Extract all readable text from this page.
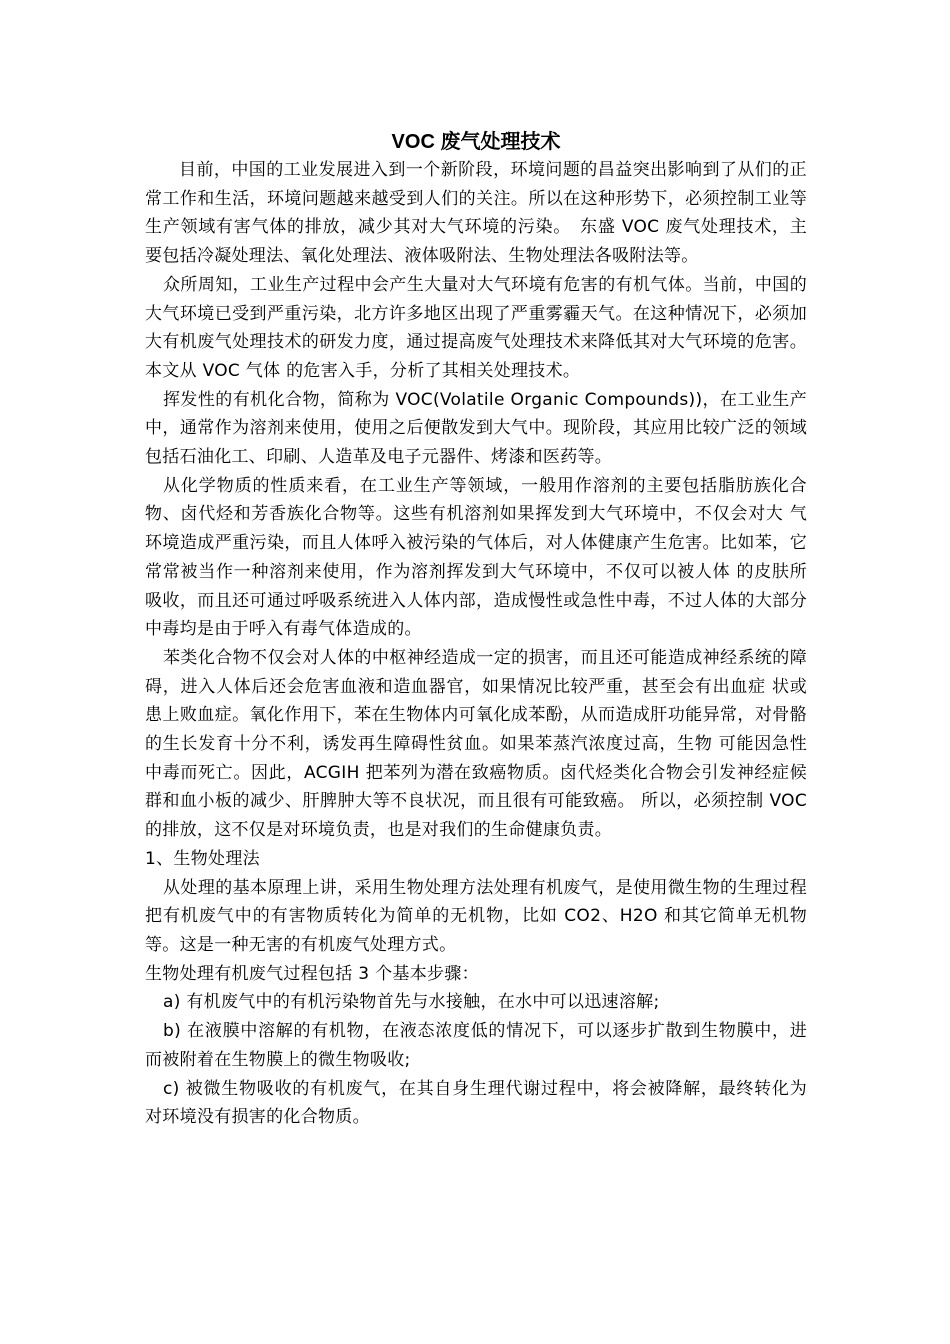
VOC 废气处理技术

目前，中国的工业发展进入到一个新阶段，环境问题的昌益突出影响到了从们的正常工作和生活，环境问题越来越受到人们的关注。所以在这种形势下，必须控制工业等生产领域有害气体的排放，减少其对大气环境的污染。　东盛 VOC 废气处理技术，主要包括冷凝处理法、氧化处理法、液体吸附法、生物处理法各吸附法等。

众所周知，工业生产过程中会产生大量对大气环境有危害的有机气体。当前，中国的大气环境已受到严重污染，北方许多地区出现了严重雾霾天气。在这种情况下，必须加大有机废气处理技术的研发力度，通过提高废气处理技术来降低其对大气环境的危害。本文从 VOC 气体 的危害入手，分析了其相关处理技术。

挥发性的有机化合物，简称为 VOC(Volatile Organic Compounds))，在工业生产中，通常作为溶剂来使用，使用之后便散发到大气中。现阶段，其应用比较广泛的领域包括石油化工、印刷、人造革及电子元器件、烤漆和医药等。

从化学物质的性质来看，在工业生产等领域，一般用作溶剂的主要包括脂肪族化合物、卤代烃和芳香族化合物等。这些有机溶剂如果挥发到大气环境中，不仅会对大 气环境造成严重污染，而且人体呼入被污染的气体后，对人体健康产生危害。比如苯，它常常被当作一种溶剂来使用，作为溶剂挥发到大气环境中，不仅可以被人体 的皮肤所吸收，而且还可通过呼吸系统进入人体内部，造成慢性或急性中毒，不过人体的大部分中毒均是由于呼入有毒气体造成的。

苯类化合物不仅会对人体的中枢神经造成一定的损害，而且还可能造成神经系统的障碍，进入人体后还会危害血液和造血器官，如果情况比较严重，甚至会有出血症 状或患上败血症。氧化作用下，苯在生物体内可氧化成苯酚，从而造成肝功能异常，对骨骼的生长发育十分不利，诱发再生障碍性贫血。如果苯蒸汽浓度过高，生物 可能因急性中毒而死亡。因此，ACGIH 把苯列为潜在致癌物质。卤代烃类化合物会引发神经症候群和血小板的减少、肝脾肿大等不良状况，而且很有可能致癌。 所以，必须控制 VOC 的排放，这不仅是对环境负责，也是对我们的生命健康负责。

1、生物处理法

从处理的基本原理上讲，采用生物处理方法处理有机废气，是使用微生物的生理过程把有机废气中的有害物质转化为简单的无机物，比如 CO2、H2O 和其它简单无机物等。这是一种无害的有机废气处理方式。

生物处理有机废气过程包括 3 个基本步骤：

a) 有机废气中的有机污染物首先与水接触，在水中可以迅速溶解;

b) 在液膜中溶解的有机物，在液态浓度低的情况下，可以逐步扩散到生物膜中，进而被附着在生物膜上的微生物吸收;

c) 被微生物吸收的有机废气，在其自身生理代谢过程中，将会被降解，最终转化为对环境没有损害的化合物质。
